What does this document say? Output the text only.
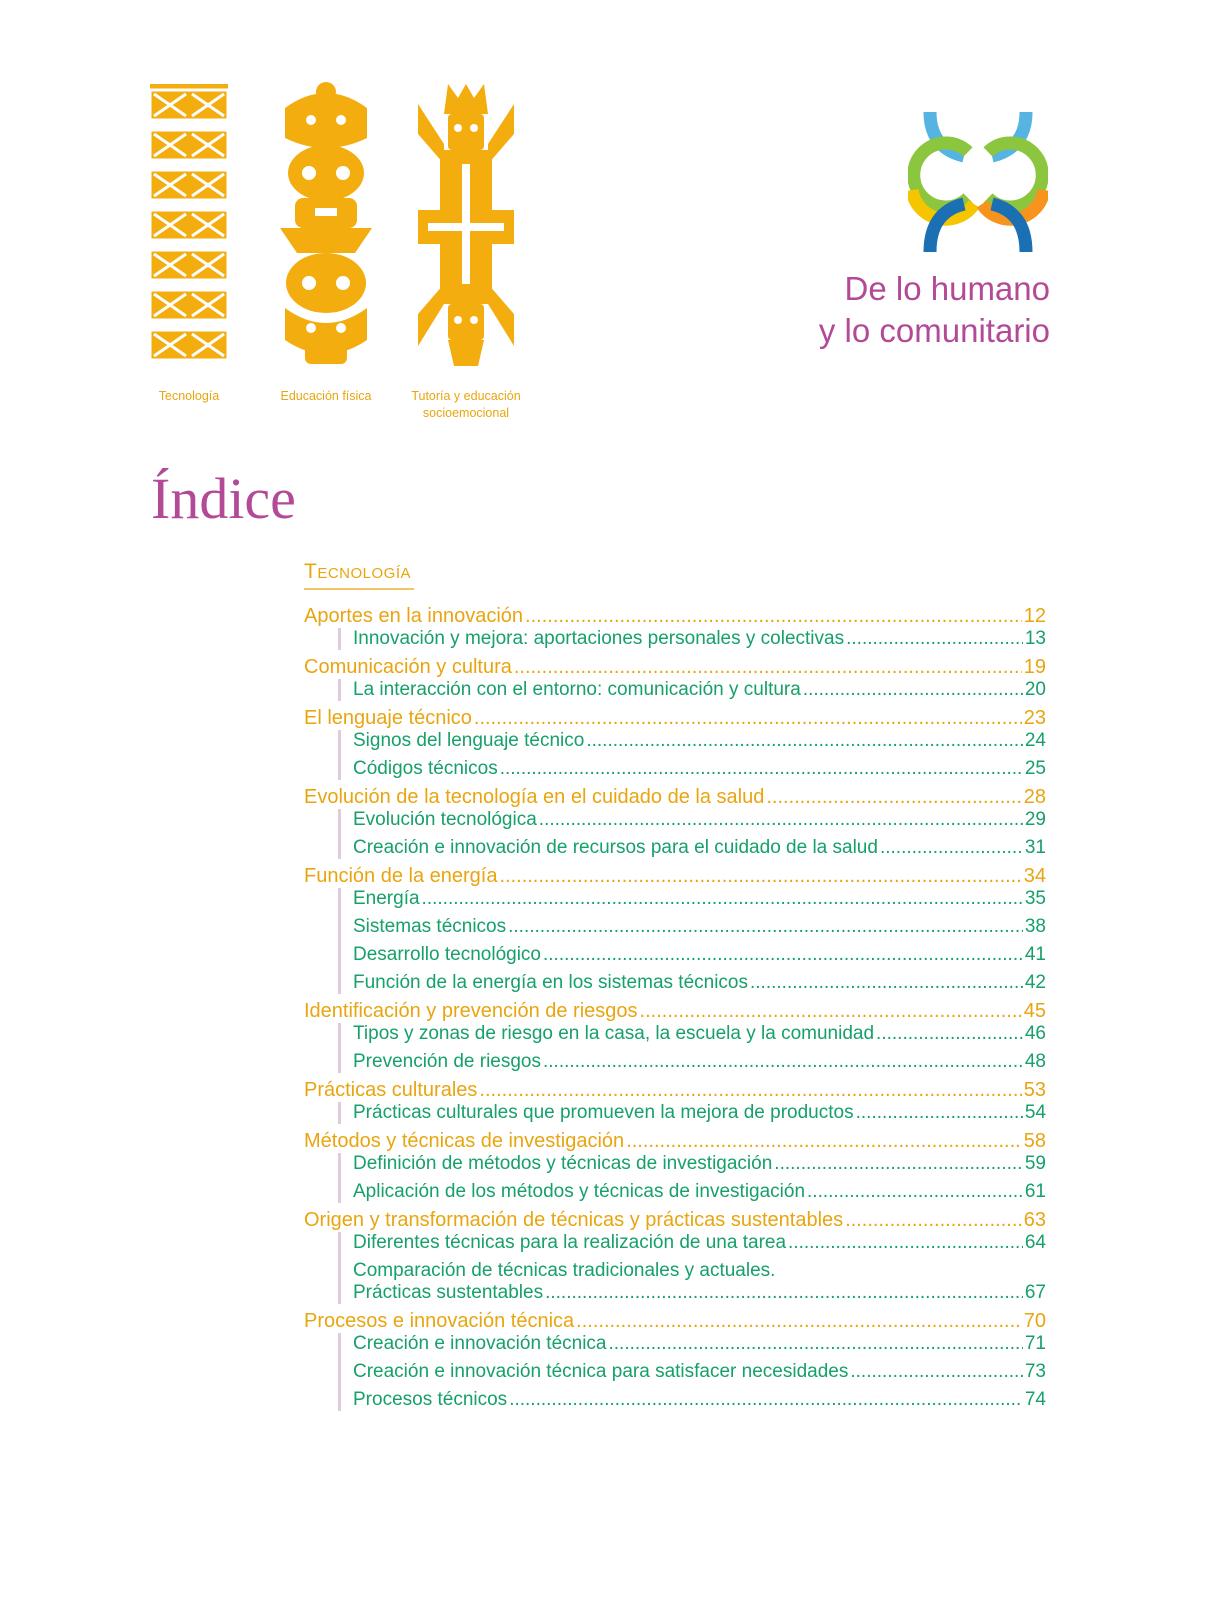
Tecnología	Educación física	Tutoría y educación socioemocional
De lo humano
y lo comunitario
Índice
Tecnología
Aportes en la innovación .....	12
Innovación y mejora: aportaciones personales y colectivas .....	13
Comunicación y cultura .....	19
La interacción con el entorno: comunicación y cultura .....	20
El lenguaje técnico .....	23
Signos del lenguaje técnico .....	24
Códigos técnicos .....	25
Evolución de la tecnología en el cuidado de la salud .....	28
Evolución tecnológica .....	29
Creación e innovación de recursos para el cuidado de la salud .....	31
Función de la energía .....	34
Energía .....	35
Sistemas técnicos .....	38
Desarrollo tecnológico .....	41
Función de la energía en los sistemas técnicos .....	42
Identificación y prevención de riesgos .....	45
Tipos y zonas de riesgo en la casa, la escuela y la comunidad .....	46
Prevención de riesgos .....	48
Prácticas culturales .....	53
Prácticas culturales que promueven la mejora de productos .....	54
Métodos y técnicas de investigación .....	58
Definición de métodos y técnicas de investigación .....	59
Aplicación de los métodos y técnicas de investigación .....	61
Origen y transformación de técnicas y prácticas sustentables .....	63
Diferentes técnicas para la realización de una tarea .....	64
Comparación de técnicas tradicionales y actuales.
Prácticas sustentables .....	67
Procesos e innovación técnica .....	70
Creación e innovación técnica .....	71
Creación e innovación técnica para satisfacer necesidades .....	73
Procesos técnicos .....	74
